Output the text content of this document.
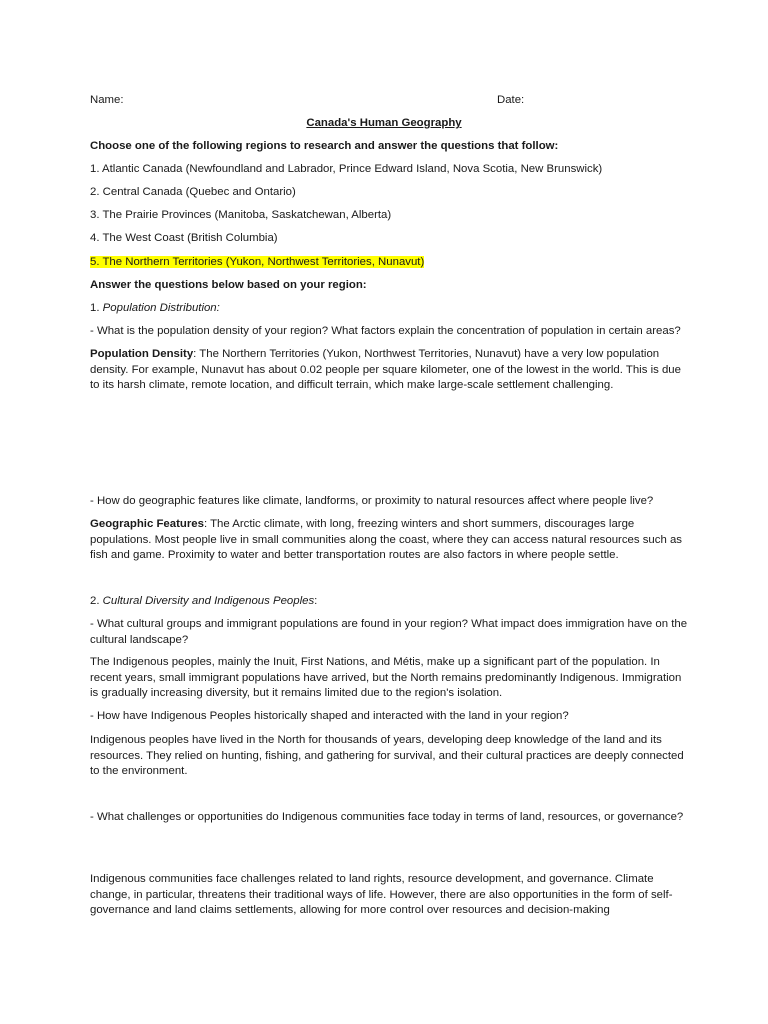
Name:	Date:

Canada's Human Geography

Choose one of the following regions to research and answer the questions that follow:

1. Atlantic Canada (Newfoundland and Labrador, Prince Edward Island, Nova Scotia, New Brunswick)

2. Central Canada (Quebec and Ontario)

3. The Prairie Provinces (Manitoba, Saskatchewan, Alberta)

4. The West Coast (British Columbia)

5. The Northern Territories (Yukon, Northwest Territories, Nunavut)

Answer the questions below based on your region:

1. Population Distribution:

- What is the population density of your region? What factors explain the concentration of population in certain areas?

Population Density: The Northern Territories (Yukon, Northwest Territories, Nunavut) have a very low population density. For example, Nunavut has about 0.02 people per square kilometer, one of the lowest in the world. This is due to its harsh climate, remote location, and difficult terrain, which make large-scale settlement challenging.

- How do geographic features like climate, landforms, or proximity to natural resources affect where people live?

Geographic Features: The Arctic climate, with long, freezing winters and short summers, discourages large populations. Most people live in small communities along the coast, where they can access natural resources such as fish and game. Proximity to water and better transportation routes are also factors in where people settle.

2. Cultural Diversity and Indigenous Peoples:

- What cultural groups and immigrant populations are found in your region? What impact does immigration have on the cultural landscape?

The Indigenous peoples, mainly the Inuit, First Nations, and Métis, make up a significant part of the population. In recent years, small immigrant populations have arrived, but the North remains predominantly Indigenous. Immigration is gradually increasing diversity, but it remains limited due to the region's isolation.

- How have Indigenous Peoples historically shaped and interacted with the land in your region?

Indigenous peoples have lived in the North for thousands of years, developing deep knowledge of the land and its resources. They relied on hunting, fishing, and gathering for survival, and their cultural practices are deeply connected to the environment.

- What challenges or opportunities do Indigenous communities face today in terms of land, resources, or governance?

Indigenous communities face challenges related to land rights, resource development, and governance. Climate change, in particular, threatens their traditional ways of life. However, there are also opportunities in the form of self-governance and land claims settlements, allowing for more control over resources and decision-making
